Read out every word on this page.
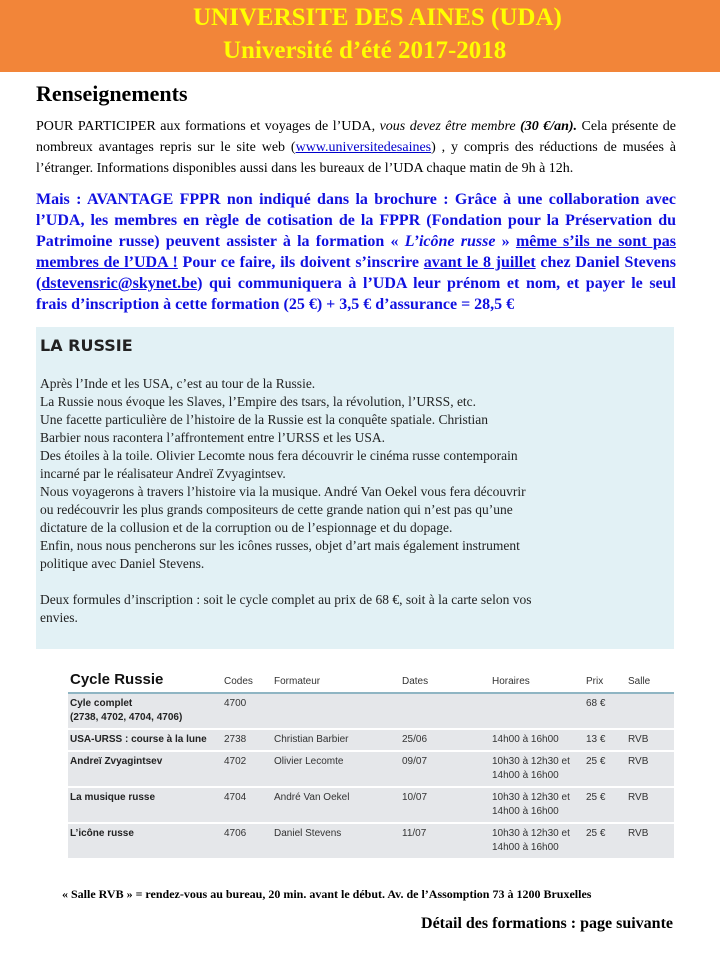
UNIVERSITE DES AINES (UDA)
Université d’été 2017-2018
Renseignements
POUR PARTICIPER aux formations et voyages de l’UDA, vous devez être membre (30 €/an). Cela présente de nombreux avantages repris sur le site web (www.universitedesaines) , y compris des réductions de musées à l’étranger. Informations disponibles aussi dans les bureaux de l’UDA chaque matin de 9h à 12h.
Mais : AVANTAGE FPPR non indiqué dans la brochure : Grâce à une collaboration avec l’UDA, les membres en règle de cotisation de la FPPR (Fondation pour la Préservation du Patrimoine russe) peuvent assister à la formation « L’icône russe » même s’ils ne sont pas membres de l’UDA ! Pour ce faire, ils doivent s’inscrire avant le 8 juillet chez Daniel Stevens (dstevensric@skynet.be) qui communiquera à l’UDA leur prénom et nom, et payer le seul frais d’inscription à cette formation (25 €) + 3,5 € d’assurance = 28,5 €
LA RUSSIE
Après l’Inde et les USA, c’est au tour de la Russie.
La Russie nous évoque les Slaves, l’Empire des tsars, la révolution, l’URSS, etc.
Une facette particulière de l’histoire de la Russie est la conquête spatiale. Christian
Barbier nous racontera l’affrontement entre l’URSS et les USA.
Des étoiles à la toile. Olivier Lecomte nous fera découvrir le cinéma russe contemporain
incarné par le réalisateur Andreï Zvyagintsev.
Nous voyagerons à travers l’histoire via la musique. André Van Oekel vous fera découvrir
ou redécouvrir les plus grands compositeurs de cette grande nation qui n’est pas qu’une
dictature de la collusion et de la corruption ou de l’espionnage et du dopage.
Enfin, nous nous pencherons sur les icônes russes, objet d’art mais également instrument
politique avec Daniel Stevens.
Deux formules d’inscription : soit le cycle complet au prix de 68 €, soit à la carte selon vos
envies.
Cycle Russie	Codes	Formateur	Dates	Horaires	Prix	Salle
Cyle complet
(2738, 4702, 4704, 4706)	4700				68 €	
USA-URSS : course à la lune	2738	Christian Barbier	25/06	14h00 à 16h00	13 €	RVB
Andreï Zvyagintsev	4702	Olivier Lecomte	09/07	10h30 à 12h30 et
14h00 à 16h00	25 €	RVB
La musique russe	4704	André Van Oekel	10/07	10h30 à 12h30 et
14h00 à 16h00	25 €	RVB
L’icône russe	4706	Daniel Stevens	11/07	10h30 à 12h30 et
14h00 à 16h00	25 €	RVB
« Salle RVB » = rendez-vous au bureau, 20 min. avant le début. Av. de l’Assomption 73 à 1200 Bruxelles
Détail des formations : page suivante
